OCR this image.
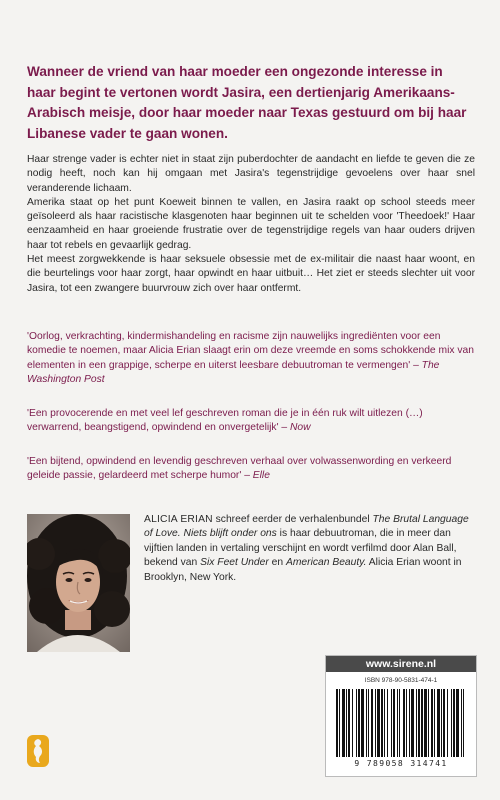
Wanneer de vriend van haar moeder een ongezonde interesse in haar begint te vertonen wordt Jasira, een dertienjarig Amerikaans-Arabisch meisje, door haar moeder naar Texas gestuurd om bij haar Libanese vader te gaan wonen.

Haar strenge vader is echter niet in staat zijn puberdochter de aandacht en liefde te geven die ze nodig heeft, noch kan hij omgaan met Jasira's tegenstrijdige gevoelens over haar snel veranderende lichaam.

Amerika staat op het punt Koeweit binnen te vallen, en Jasira raakt op school steeds meer geïsoleerd als haar racistische klasgenoten haar beginnen uit te schelden voor 'Theedoek!' Haar eenzaamheid en haar groeiende frustratie over de tegenstrijdige regels van haar ouders drijven haar tot rebels en gevaarlijk gedrag.

Het meest zorgwekkende is haar seksuele obsessie met de ex-militair die naast haar woont, en die beurtelings voor haar zorgt, haar opwindt en haar uitbuit… Het ziet er steeds slechter uit voor Jasira, tot een zwangere buurvrouw zich over haar ontfermt.

'Oorlog, verkrachting, kindermishandeling en racisme zijn nauwelijks ingrediënten voor een komedie te noemen, maar Alicia Erian slaagt erin om deze vreemde en soms schokkende mix van elementen in een grappige, scherpe en uiterst leesbare debuutroman te vermengen' – The Washington Post

'Een provocerende en met veel lef geschreven roman die je in één ruk wilt uitlezen (…) verwarrend, beangstigend, opwindend en onvergetelijk' – Now

'Een bijtend, opwindend en levendig geschreven verhaal over volwassenwording en verkeerd geleide passie, gelardeerd met scherpe humor' – Elle

ALICIA ERIAN schreef eerder de verhalenbundel The Brutal Language of Love. Niets blijft onder ons is haar debuutroman, die in meer dan vijftien landen in vertaling verschijnt en wordt verfilmd door Alan Ball, bekend van Six Feet Under en American Beauty. Alicia Erian woont in Brooklyn, New York.

www.sirene.nl
ISBN 978-90-5831-474-1
9 789058 314741
